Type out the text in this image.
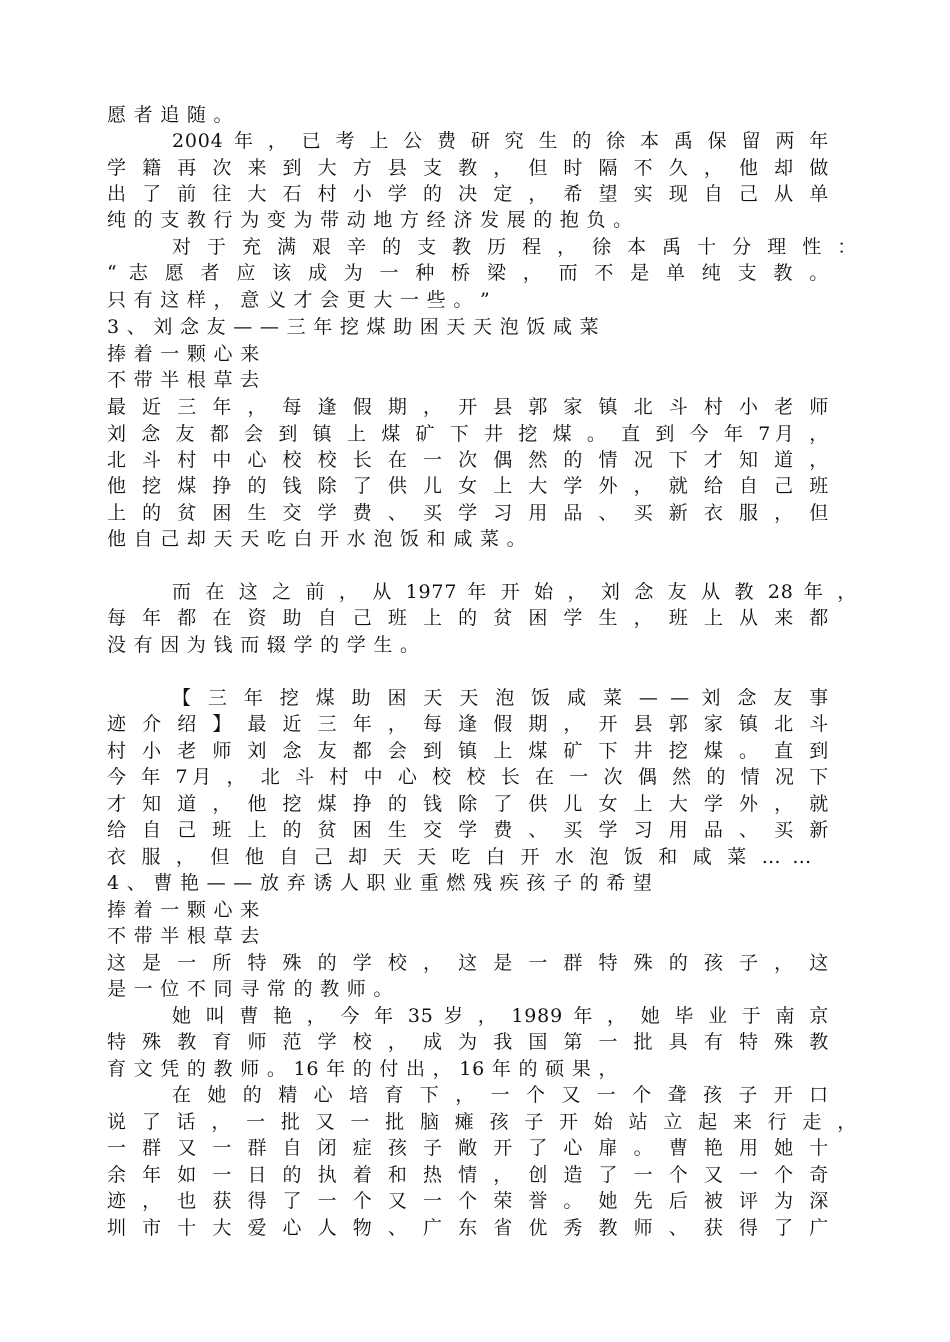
愿 者 追 随 。
2004 年 ， 已 考 上 公 费 研 究 生 的 徐 本 禹 保 留 两 年
学 籍 再 次 来 到 大 方 县 支 教 ， 但 时 隔 不 久 ， 他 却 做
出 了 前 往 大 石 村 小 学 的 决 定 ， 希 望 实 现 自 己 从 单
纯 的 支 教 行 为 变 为 带 动 地 方 经 济 发 展 的 抱 负 。
对 于 充 满 艰 辛 的 支 教 历 程 ， 徐 本 禹 十 分 理 性 ：
“ 志 愿 者 应 该 成 为 一 种 桥 梁 ， 而 不 是 单 纯 支 教 。
只 有 这 样 ， 意 义 才 会 更 大 一 些 。 ”
3 、 刘 念 友 — — 三 年 挖 煤 助 困 天 天 泡 饭 咸 菜
捧 着 一 颗 心 来
不 带 半 根 草 去
最 近 三 年 ， 每 逢 假 期 ， 开 县 郭 家 镇 北 斗 村 小 老 师
刘 念 友 都 会 到 镇 上 煤 矿 下 井 挖 煤 。 直 到 今 年 7月 ，
北 斗 村 中 心 校 校 长 在 一 次 偶 然 的 情 况 下 才 知 道 ，
他 挖 煤 挣 的 钱 除 了 供 儿 女 上 大 学 外 ， 就 给 自 己 班
上 的 贫 困 生 交 学 费 、 买 学 习 用 品 、 买 新 衣 服 ， 但
他 自 己 却 天 天 吃 白 开 水 泡 饭 和 咸 菜 。
而 在 这 之 前 ， 从 1977 年 开 始 ， 刘 念 友 从 教 28 年 ，
每 年 都 在 资 助 自 己 班 上 的 贫 困 学 生 ， 班 上 从 来 都
没 有 因 为 钱 而 辍 学 的 学 生 。
【 三 年 挖 煤 助 困 天 天 泡 饭 咸 菜 — — 刘 念 友 事
迹 介 绍 】 最 近 三 年 ， 每 逢 假 期 ， 开 县 郭 家 镇 北 斗
村 小 老 师 刘 念 友 都 会 到 镇 上 煤 矿 下 井 挖 煤 。 直 到
今 年 7月 ， 北 斗 村 中 心 校 校 长 在 一 次 偶 然 的 情 况 下
才 知 道 ， 他 挖 煤 挣 的 钱 除 了 供 儿 女 上 大 学 外 ， 就
给 自 己 班 上 的 贫 困 生 交 学 费 、 买 学 习 用 品 、 买 新
衣 服 ， 但 他 自 己 却 天 天 吃 白 开 水 泡 饭 和 咸 菜 … …
4 、 曹 艳 — — 放 弃 诱 人 职 业 重 燃 残 疾 孩 子 的 希 望
捧 着 一 颗 心 来
不 带 半 根 草 去
这 是 一 所 特 殊 的 学 校 ， 这 是 一 群 特 殊 的 孩 子 ， 这
是 一 位 不 同 寻 常 的 教 师 。
她 叫 曹 艳 ， 今 年 35 岁 ， 1989 年 ， 她 毕 业 于 南 京
特 殊 教 育 师 范 学 校 ， 成 为 我 国 第 一 批 具 有 特 殊 教
育 文 凭 的 教 师 。 16 年 的 付 出 ， 16 年 的 硕 果 ，
在 她 的 精 心 培 育 下 ， 一 个 又 一 个 聋 孩 子 开 口
说 了 话 ， 一 批 又 一 批 脑 瘫 孩 子 开 始 站 立 起 来 行 走 ，
一 群 又 一 群 自 闭 症 孩 子 敞 开 了 心 扉 。 曹 艳 用 她 十
余 年 如 一 日 的 执 着 和 热 情 ， 创 造 了 一 个 又 一 个 奇
迹 ， 也 获 得 了 一 个 又 一 个 荣 誉 。 她 先 后 被 评 为 深
圳 市 十 大 爱 心 人 物 、 广 东 省 优 秀 教 师 、 获 得 了 广
